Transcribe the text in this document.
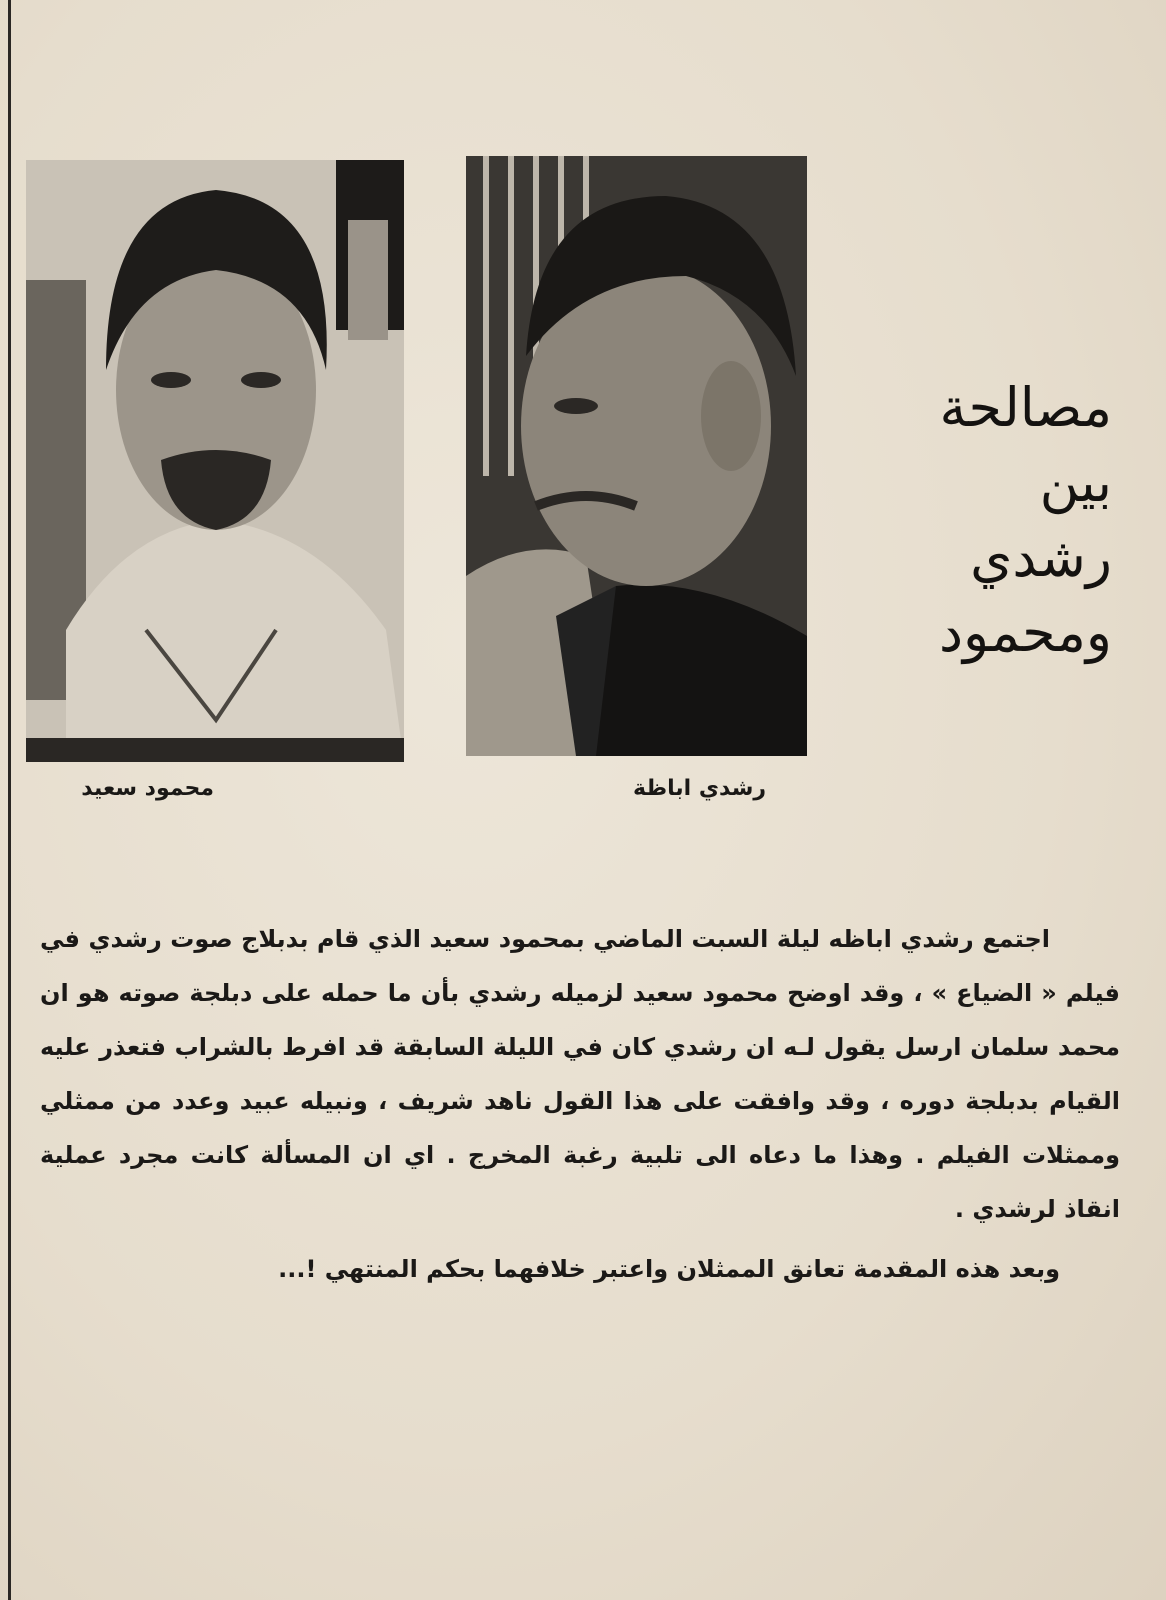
محمود سعيد	رشدي اباظة
مصالحة
بين
رشدي
ومحمود

اجتمع رشدي اباظه ليلة السبت الماضي بمحمود سعيد الذي قام بدبلاج صوت رشدي في فيلم « الضياع » ، وقد اوضح محمود سعيد لزميله رشدي بأن ما حمله على دبلجة صوته هو ان محمد سلمان ارسل يقول لـه ان رشدي كان في الليلة السابقة قد افرط بالشراب فتعذر عليه القيام بدبلجة دوره ، وقد وافقت على هذا القول ناهد شريف ، ونبيله عبيد وعدد من ممثلي وممثلات الفيلم . وهذا ما دعاه الى تلبية رغبة المخرج . اي ان المسألة كانت مجرد عملية انقاذ لرشدي .

وبعد هذه المقدمة تعانق الممثلان واعتبر خلافهما بحكم المنتهي !...
